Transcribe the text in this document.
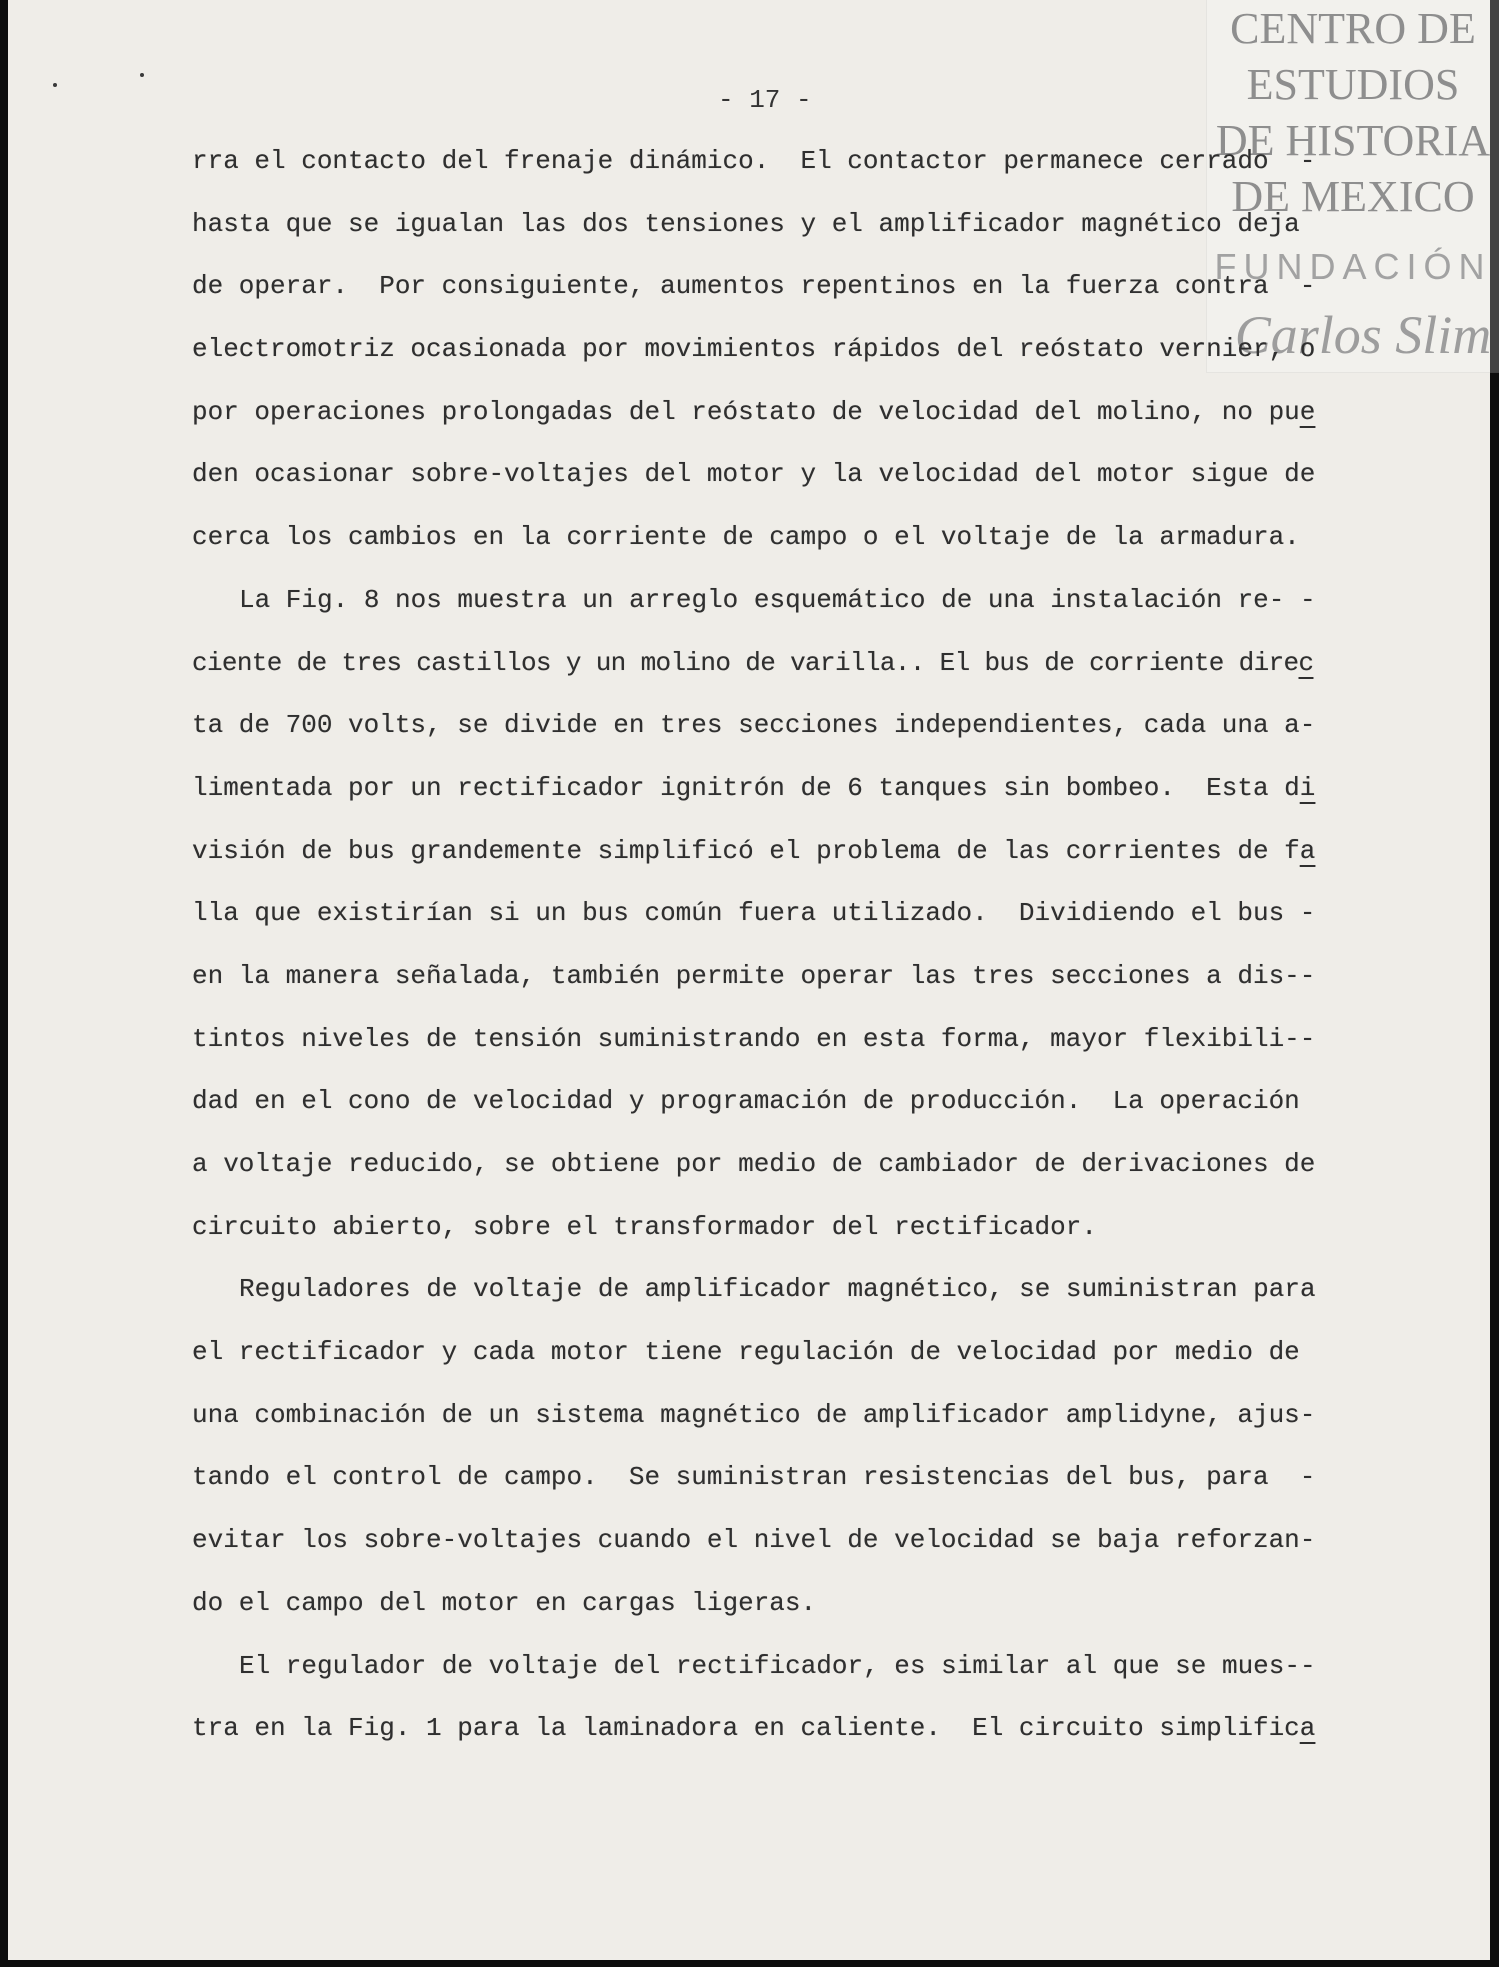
CENTRO DE
ESTUDIOS
DE HISTORIA
DE MEXICO
FUNDACIÓN
Carlos Slim
- 17 -
rra el contacto del frenaje dinámico.  El contactor permanece cerrado  -
hasta que se igualan las dos tensiones y el amplificador magnético deja
de operar.  Por consiguiente, aumentos repentinos en la fuerza contra  -
electromotriz ocasionada por movimientos rápidos del reóstato vernier, o
por operaciones prolongadas del reóstato de velocidad del molino, no pue
den ocasionar sobre-voltajes del motor y la velocidad del motor sigue de
cerca los cambios en la corriente de campo o el voltaje de la armadura.
La Fig. 8 nos muestra un arreglo esquemático de una instalación re- -
ciente de tres castillos y un molino de varilla.. El bus de corriente direc
ta de 700 volts, se divide en tres secciones independientes, cada una a-
limentada por un rectificador ignitrón de 6 tanques sin bombeo.  Esta di
visión de bus grandemente simplificó el problema de las corrientes de fa
lla que existirían si un bus común fuera utilizado.  Dividiendo el bus -
en la manera señalada, también permite operar las tres secciones a dis--
tintos niveles de tensión suministrando en esta forma, mayor flexibili--
dad en el cono de velocidad y programación de producción.  La operación
a voltaje reducido, se obtiene por medio de cambiador de derivaciones de
circuito abierto, sobre el transformador del rectificador.
Reguladores de voltaje de amplificador magnético, se suministran para
el rectificador y cada motor tiene regulación de velocidad por medio de
una combinación de un sistema magnético de amplificador amplidyne, ajus-
tando el control de campo.  Se suministran resistencias del bus, para  -
evitar los sobre-voltajes cuando el nivel de velocidad se baja reforzan-
do el campo del motor en cargas ligeras.
El regulador de voltaje del rectificador, es similar al que se mues--
tra en la Fig. 1 para la laminadora en caliente.  El circuito simplifica
